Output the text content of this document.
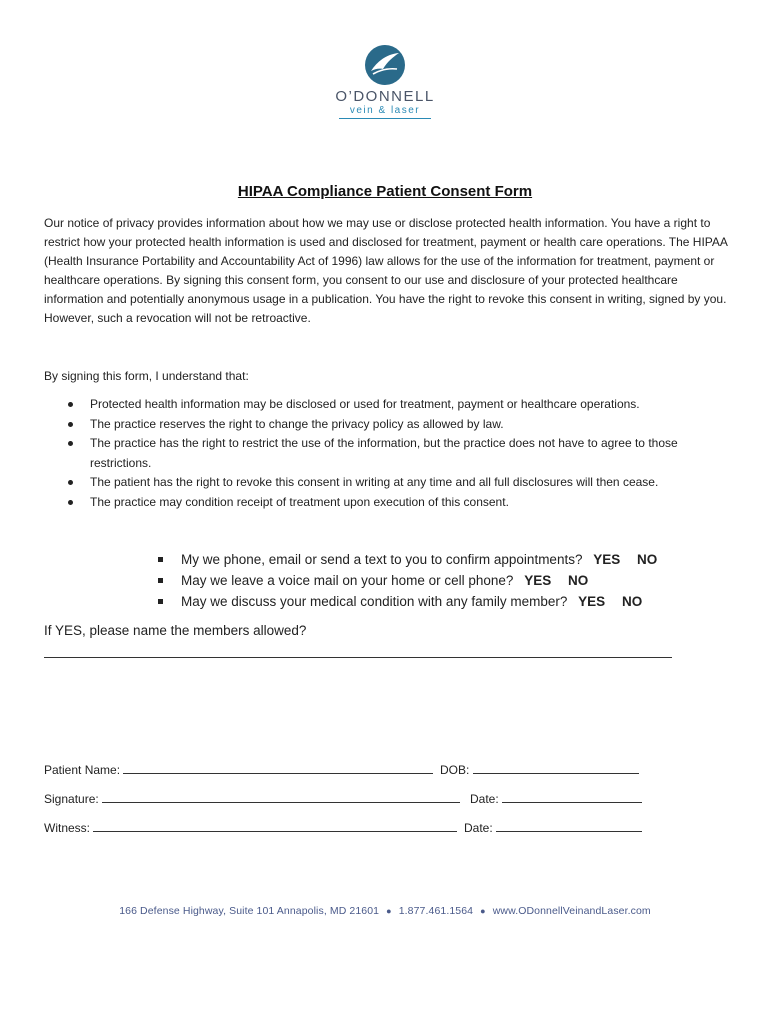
O’DONNELL
vein & laser
HIPAA Compliance Patient Consent Form
Our notice of privacy provides information about how we may use or disclose protected health information. You have a right to restrict how your protected health information is used and disclosed for treatment, payment or health care operations. The HIPAA (Health Insurance Portability and Accountability Act of 1996) law allows for the use of the information for treatment, payment or healthcare operations. By signing this consent form, you consent to our use and disclosure of your protected healthcare information and potentially anonymous usage in a publication. You have the right to revoke this consent in writing, signed by you. However, such a revocation will not be retroactive.
By signing this form, I understand that:
Protected health information may be disclosed or used for treatment, payment or healthcare operations.
The practice reserves the right to change the privacy policy as allowed by law.
The practice has the right to restrict the use of the information, but the practice does not have to agree to those restrictions.
The patient has the right to revoke this consent in writing at any time and all full disclosures will then cease.
The practice may condition receipt of treatment upon execution of this consent.
My we phone, email or send a text to you to confirm appointments? YES NO
May we leave a voice mail on your home or cell phone? YES NO
May we discuss your medical condition with any family member? YES NO
If YES, please name the members allowed?
Patient Name:	DOB:
Signature:	Date:
Witness:	Date:
166 Defense Highway, Suite 101 Annapolis, MD 21601 ● 1.877.461.1564 ● www.ODonnellVeinandLaser.com
